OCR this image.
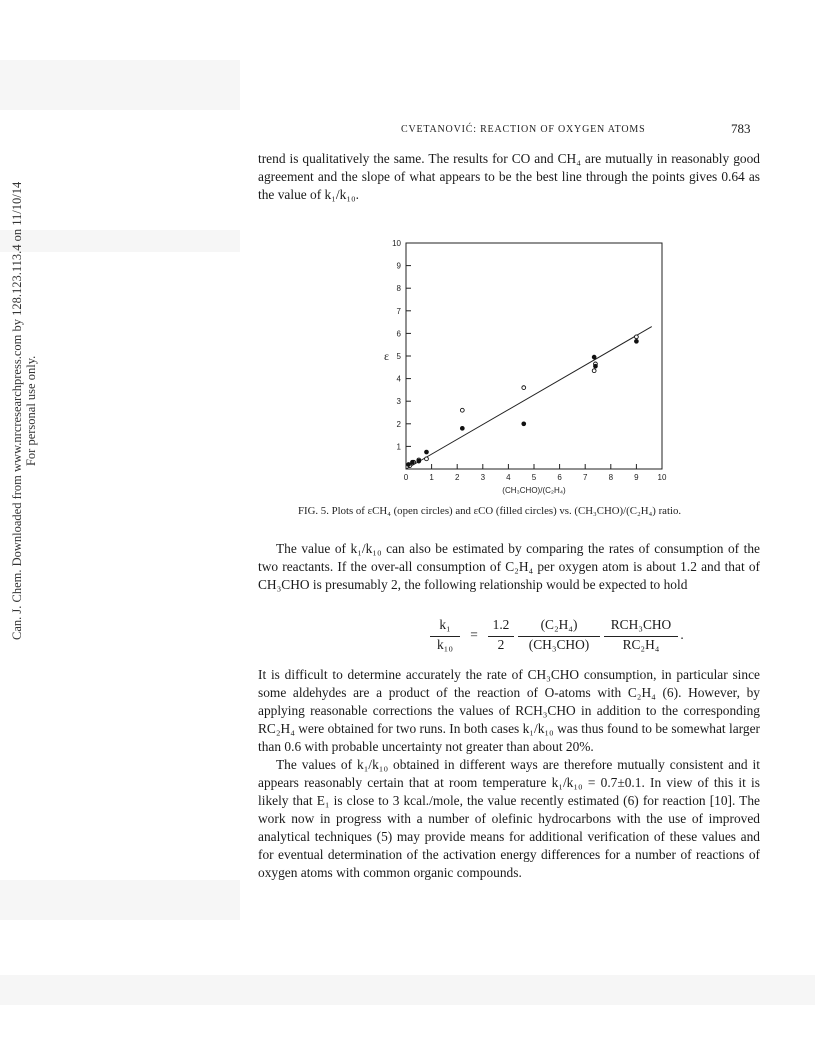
Can. J. Chem. Downloaded from www.nrcresearchpress.com by 128.123.113.4 on 11/10/14 For personal use only.
CVETANOVIĆ: REACTION OF OXYGEN ATOMS	783
trend is qualitatively the same. The results for CO and CH₄ are mutually in reasonably good agreement and the slope of what appears to be the best line through the points gives 0.64 as the value of k₁/k₁₀.
1
2
3
4
5
6
7
8
9
10
0	1	2	3	4	5	6	7	8	9 10
(CH₃CHO)/(C₂H₄)
ε
FIG. 5. Plots of εCH₄ (open circles) and εCO (filled circles) vs. (CH₃CHO)/(C₂H₄) ratio.
The value of k₁/k₁₀ can also be estimated by comparing the rates of consumption of the two reactants. If the over-all consumption of C₂H₄ per oxygen atom is about 1.2 and that of CH₃CHO is presumably 2, the following relationship would be expected to hold
k₁
k₁₀
=
1.2
2
(C₂H₄)
(CH₃CHO)
RCH₃CHO
RC₂H₄
.
It is difficult to determine accurately the rate of CH₃CHO consumption, in particular since some aldehydes are a product of the reaction of O-atoms with C₂H₄ (6). However, by applying reasonable corrections the values of RCH₃CHO in addition to the corresponding RC₂H₄ were obtained for two runs. In both cases k₁/k₁₀ was thus found to be somewhat larger than 0.6 with probable uncertainty not greater than about 20%.
The values of k₁/k₁₀ obtained in different ways are therefore mutually consistent and it appears reasonably certain that at room temperature k₁/k₁₀ = 0.7±0.1. In view of this it is likely that E₁ is close to 3 kcal./mole, the value recently estimated (6) for reaction [10]. The work now in progress with a number of olefinic hydrocarbons with the use of improved analytical techniques (5) may provide means for additional verification of these values and for eventual determination of the activation energy differences for a number of reactions of oxygen atoms with common organic compounds.
